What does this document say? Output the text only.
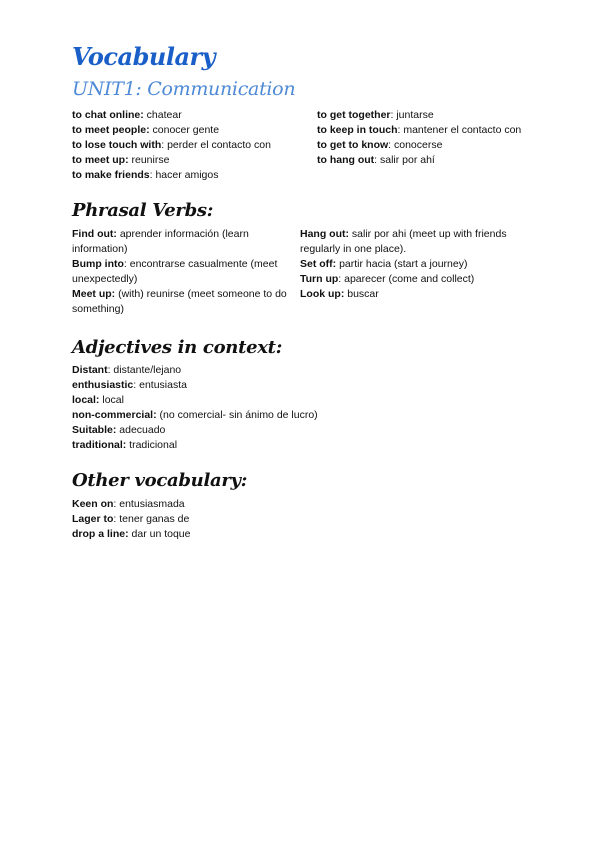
Vocabulary
UNIT1: Communication
to chat online: chatear
to meet people: conocer gente
to lose touch with: perder el contacto con
to meet up: reunirse
to make friends: hacer amigos
to get together: juntarse
to keep in touch: mantener el contacto con
to get to know: conocerse
to hang out: salir por ahí
Phrasal Verbs:
Find out: aprender información (learn information)
Bump into: encontrarse casualmente (meet unexpectedly)
Meet up: (with) reunirse (meet someone to do something)
Hang out: salir por ahi (meet up with friends regularly in one place).
Set off: partir hacia (start a journey)
Turn up: aparecer (come and collect)
Look up: buscar
Adjectives in context:
Distant: distante/lejano
enthusiastic: entusiasta
local: local
non-commercial: (no comercial- sin ánimo de lucro)
Suitable: adecuado
traditional: tradicional
Other vocabulary:
Keen on: entusiasmada
Lager to: tener ganas de
drop a line: dar un toque
